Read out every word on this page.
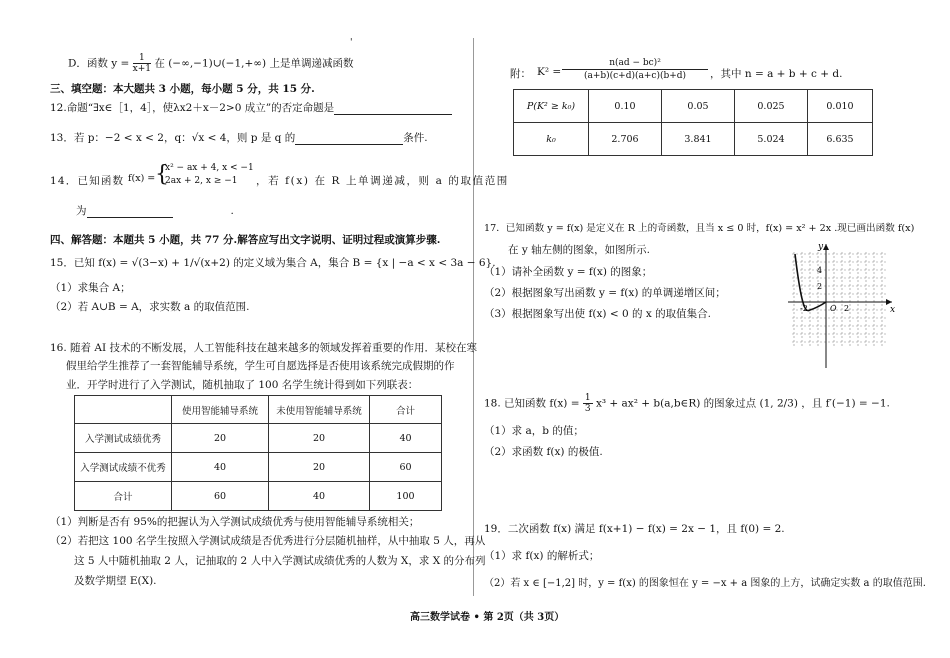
'
D．函数 $y = \frac{1}{x+1}$ 在 (−∞,−1)∪(−1,+∞) 上是单调递减函数
三、填空题：本大题共 3 小题，每小题 5 分，共 15 分.
12.命题“∃x∈［1，4］，使λx2＋x－2>0 成立”的否定命题是
13．若 p：−2 < x < 2，q：√x < 4，则 p 是 q 的	条件.
14．已知函数 f(x) = {
x² − ax + 4, x < −1
2ax + 2, x ≥ −1 ，若 f(x) 在 R 上单调递减，则 a 的取值范围
为	.
四、解答题：本题共 5 小题，共 77 分.解答应写出文字说明、证明过程或演算步骤.
15．已知 f(x) = √(3−x) + 1/√(x+2) 的定义域为集合 A，集合 B = {x | −a < x < 3a − 6}.
（1）求集合 A；
（2）若 A∪B = A，求实数 a 的取值范围.
16. 随着 AI 技术的不断发展，人工智能科技在越来越多的领域发挥着重要的作用．某校在寒
假里给学生推荐了一套智能辅导系统，学生可自愿选择是否使用该系统完成假期的作
业．开学时进行了入学测试，随机抽取了 100 名学生统计得到如下列联表：
	使用智能辅导系统	未使用智能辅导系统	合计
入学测试成绩优秀	20	20	40
入学测试成绩不优秀	40	20	60
合计	60	40	100
（1）判断是否有 95%的把握认为入学测试成绩优秀与使用智能辅导系统相关；
（2）若把这 100 名学生按照入学测试成绩是否优秀进行分层随机抽样，从中抽取 5 人，再从
这 5 人中随机抽取 2 人，记抽取的 2 人中入学测试成绩优秀的人数为 X，求 X 的分布列
及数学期望 E(X).
附： $K^2 = \frac{\text{n(ad − bc)²}}{(a+b)(c+d)(a+c)(b+d)}$ ，其中 n = a + b + c + d.
P(K² ≥ k₀)	0.10	0.05	0.025	0.010
k₀	2.706	3.841	5.024	6.635
17．已知函数 y = f(x) 是定义在 R 上的奇函数，且当 x ≤ 0 时，f(x) = x² + 2x .现已画出函数 f(x)
在 y 轴左侧的图象，如图所示.
（1）请补全函数 y = f(x) 的图象；
（2）根据图象写出函数 y = f(x) 的单调递增区间；
（3）根据图象写出使 f(x) < 0 的 x 的取值集合.
y
x
4
2
-2	O 2
18. 已知函数 $f(x) = \frac{1}{3} x^3 + ax^2$ + b(a,b∈R) 的图象过点 (1, 2/3) ，且 f′(−1) = −1.
（1）求 a，b 的值；
（2）求函数 f(x) 的极值.
19．二次函数 f(x) 满足 f(x+1) − f(x) = 2x − 1，且 f(0) = 2.
（1）求 f(x) 的解析式；
（2）若 x ∈ [−1,2] 时，y = f(x) 的图象恒在 y = −x + a 图象的上方，试确定实数 a 的取值范围.
高三数学试卷 • 第 2页（共 3页）
